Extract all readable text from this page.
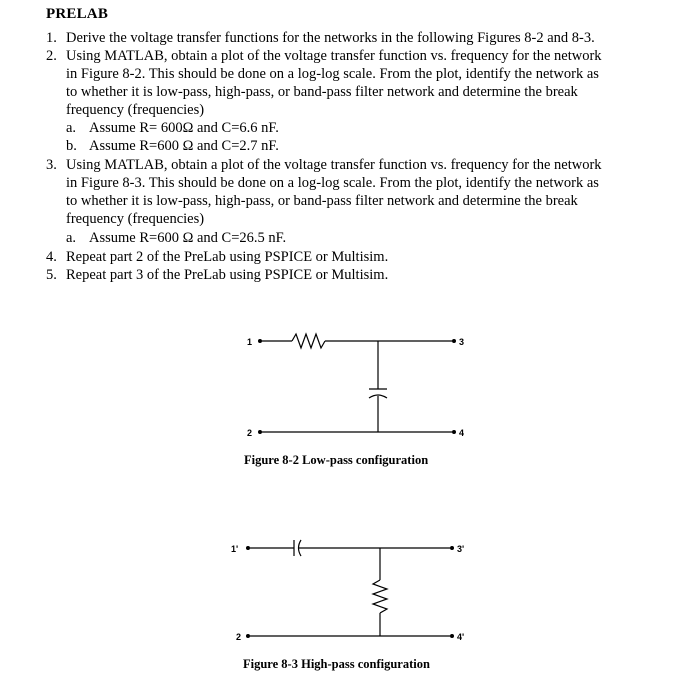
PRELAB
1. Derive the voltage transfer functions for the networks in the following Figures 8-2 and 8-3.
2. Using MATLAB, obtain a plot of the voltage transfer function vs. frequency for the network
in Figure 8-2. This should be done on a log-log scale. From the plot, identify the network as
to whether it is low-pass, high-pass, or band-pass filter network and determine the break
frequency (frequencies)
a. Assume R= 600Ω and C=6.6 nF.
b. Assume R=600 Ω and C=2.7 nF.
3. Using MATLAB, obtain a plot of the voltage transfer function vs. frequency for the network
in Figure 8-3. This should be done on a log-log scale. From the plot, identify the network as
to whether it is low-pass, high-pass, or band-pass filter network and determine the break
frequency (frequencies)
a. Assume R=600 Ω and C=26.5 nF.
4. Repeat part 2 of the PreLab using PSPICE or Multisim.
5. Repeat part 3 of the PreLab using PSPICE or Multisim.
1	3
2	4
1'	3'
2	4'
Figure 8-2 Low-pass configuration
Figure 8-3 High-pass configuration
